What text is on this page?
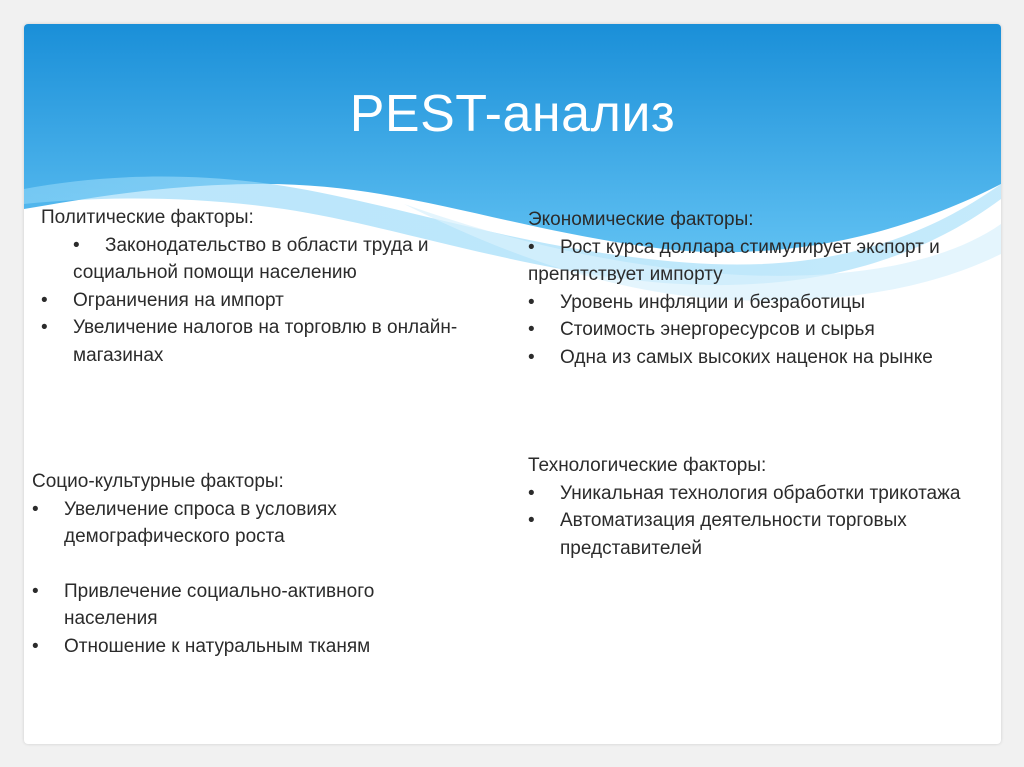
PEST-анализ
Политические факторы:
• Законодательство в области труда и социальной помощи населению
•	Ограничения на импорт
•	Увеличение налогов на торговлю в онлайн-магазинах
Экономические факторы:
• Рост курса доллара стимулирует экспорт и препятствует импорту
•	Уровень инфляции и безработицы
•	Стоимость энергоресурсов и сырья
•	Одна из самых высоких наценок на рынке
Социо-культурные факторы:
•	Увеличение спроса в условиях демографического роста
•	Привлечение социально-активного населения
•	Отношение к натуральным тканям
Технологические факторы:
•	Уникальная технология обработки трикотажа
•	Автоматизация деятельности торговых представителей
